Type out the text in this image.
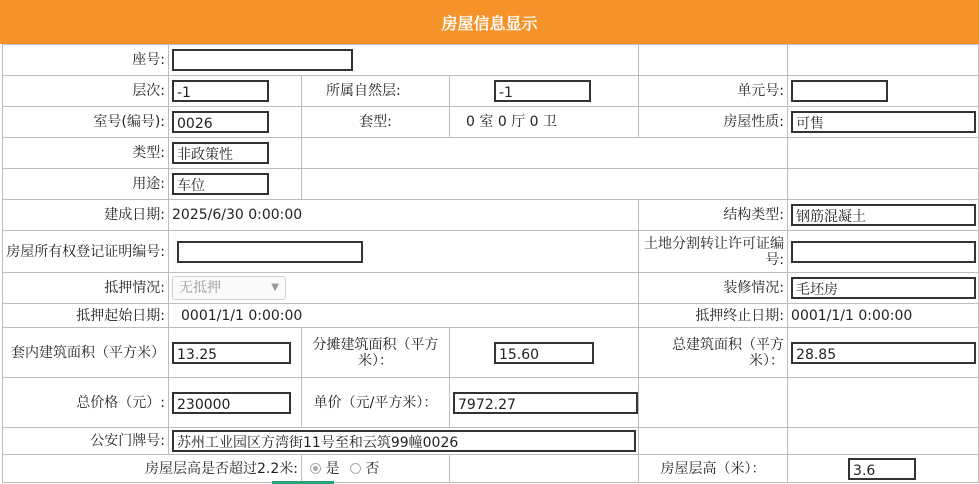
房屋信息显示
座号:					
层次:	-1	所属自然层:	-1	单元号:	
室号(编号):	0026	套型:	0 室 0 厅 0 卫	房屋性质:	可售
类型:	非政策性				
用途:	车位				
建成日期:	2025/6/30 0:00:00			结构类型:	钢筋混凝土
房屋所有权登记证明编号:				土地分割转让许可证编号:	
抵押情况:	无抵押 ▼			装修情况:	毛坯房
抵押起始日期:	0001/1/1 0:00:00			抵押终止日期:	0001/1/1 0:00:00
套内建筑面积（平方米）	13.25	分摊建筑面积（平方米）：	15.60	总建筑面积（平方米）：	28.85
总价格（元）:	230000	单价（元/平方米）：	7972.27		
公安门牌号:	苏州工业园区方湾街11号至和云筑99幢0026				
房屋层高是否超过2.2米:		是 否		房屋层高（米）：	3.6
